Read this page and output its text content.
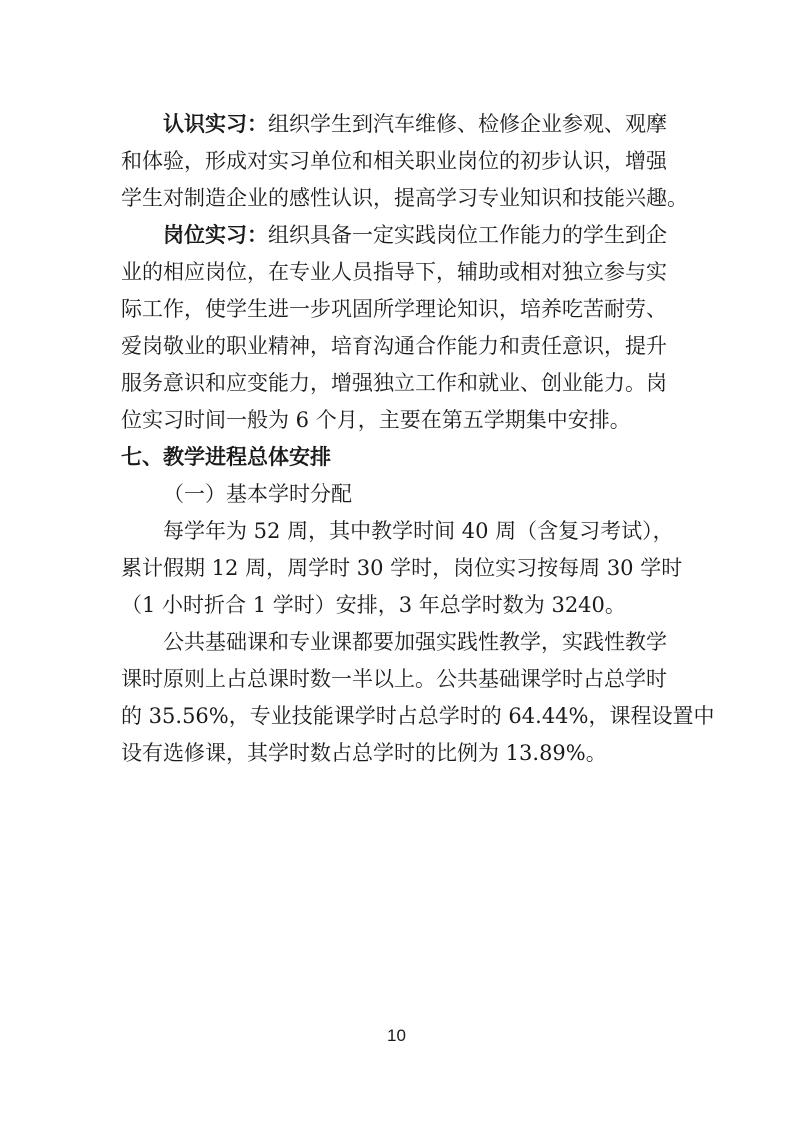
认识实习：组织学生到汽车维修、检修企业参观、观摩
和体验，形成对实习单位和相关职业岗位的初步认识，增强
学生对制造企业的感性认识，提高学习专业知识和技能兴趣。
岗位实习：组织具备一定实践岗位工作能力的学生到企
业的相应岗位，在专业人员指导下，辅助或相对独立参与实
际工作，使学生进一步巩固所学理论知识，培养吃苦耐劳、
爱岗敬业的职业精神，培育沟通合作能力和责任意识，提升
服务意识和应变能力，增强独立工作和就业、创业能力。岗
位实习时间一般为 6 个月，主要在第五学期集中安排。
七、教学进程总体安排
（一）基本学时分配
每学年为 52 周，其中教学时间 40 周（含复习考试），
累计假期 12 周，周学时 30 学时，岗位实习按每周 30 学时
（1 小时折合 1 学时）安排，3 年总学时数为 3240。
公共基础课和专业课都要加强实践性教学，实践性教学
课时原则上占总课时数一半以上。公共基础课学时占总学时
的 35.56%，专业技能课学时占总学时的 64.44%，课程设置中
设有选修课，其学时数占总学时的比例为 13.89%。
10
